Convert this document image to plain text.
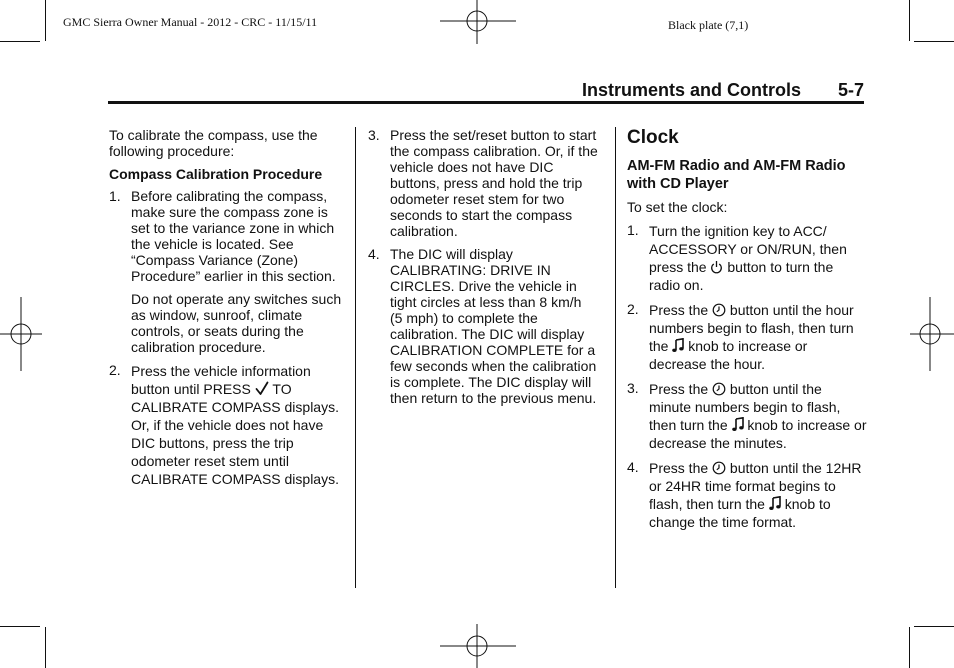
GMC Sierra Owner Manual - 2012 - CRC - 11/15/11	Black plate (7,1)
Instruments and Controls 5-7

To calibrate the compass, use the following procedure:

Compass Calibration Procedure

1. Before calibrating the compass, make sure the compass zone is set to the variance zone in which the vehicle is located. See “Compass Variance (Zone) Procedure” earlier in this section.

Do not operate any switches such as window, sunroof, climate controls, or seats during the calibration procedure.

2. Press the vehicle information button until PRESS TO CALIBRATE COMPASS displays. Or, if the vehicle does not have DIC buttons, press the trip odometer reset stem until CALIBRATE COMPASS displays.

3. Press the set/reset button to start the compass calibration. Or, if the vehicle does not have DIC buttons, press and hold the trip odometer reset stem for two seconds to start the compass calibration.

4. The DIC will display CALIBRATING: DRIVE IN CIRCLES. Drive the vehicle in tight circles at less than 8 km/h (5 mph) to complete the calibration. The DIC will display CALIBRATION COMPLETE for a few seconds when the calibration is complete. The DIC display will then return to the previous menu.

Clock
AM-FM Radio and AM-FM Radio with CD Player

To set the clock:

1. Turn the ignition key to ACC/ ACCESSORY or ON/RUN, then press the button to turn the radio on.

2. Press the button until the hour numbers begin to flash, then turn the knob to increase or decrease the hour.

3. Press the button until the minute numbers begin to flash, then turn the knob to increase or decrease the minutes.

4. Press the button until the 12HR or 24HR time format begins to flash, then turn the knob to change the time format.
